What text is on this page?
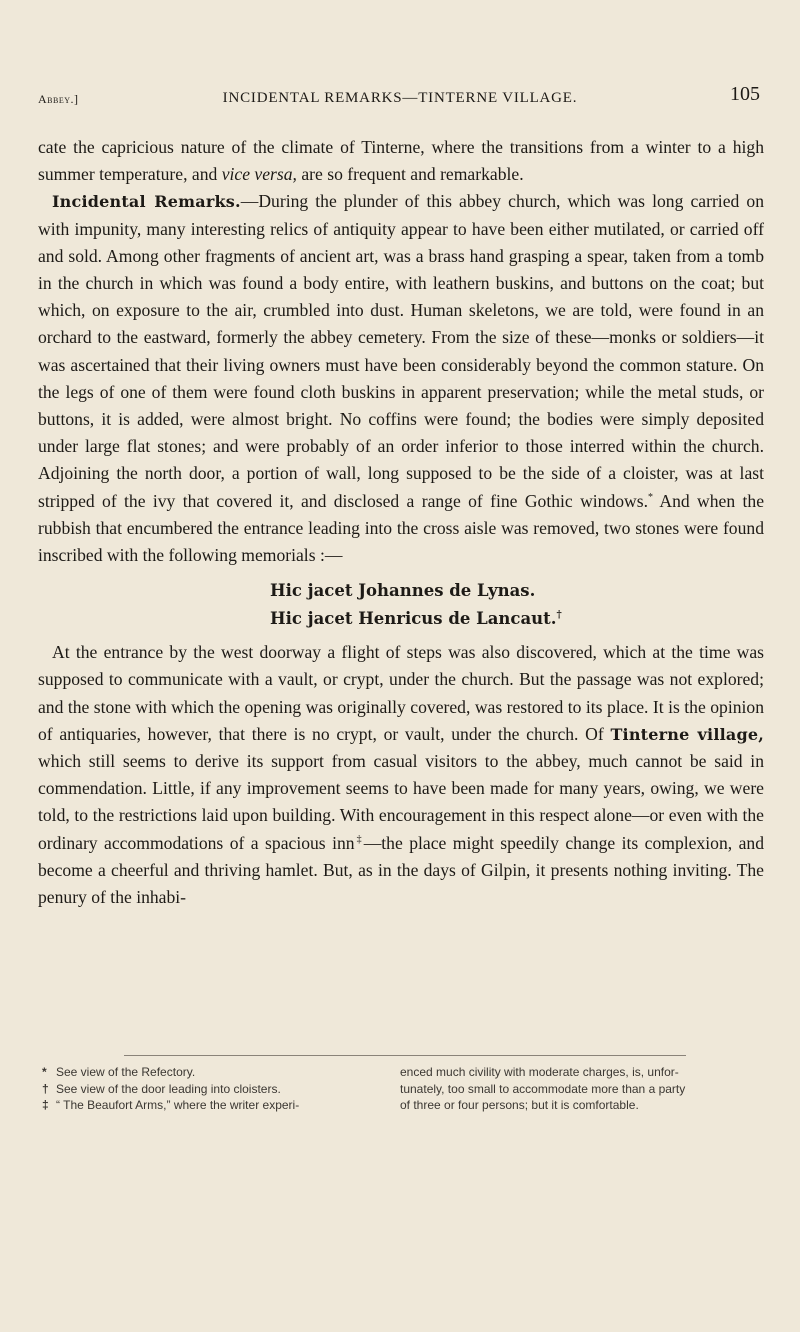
Abbey.]	INCIDENTAL REMARKS—TINTERNE VILLAGE.	105

cate the capricious nature of the climate of Tinterne, where the transitions from a winter to a high summer temperature, and vice versa, are so frequent and remarkable.

Incidental Remarks.—During the plunder of this abbey church, which was long carried on with impunity, many interesting relics of antiquity appear to have been either mutilated, or carried off and sold. Among other fragments of ancient art, was a brass hand grasping a spear, taken from a tomb in the church in which was found a body entire, with leathern buskins, and buttons on the coat; but which, on exposure to the air, crumbled into dust. Human skeletons, we are told, were found in an orchard to the eastward, formerly the abbey cemetery. From the size of these—monks or soldiers—it was ascertained that their living owners must have been considerably beyond the common stature. On the legs of one of them were found cloth buskins in apparent preservation; while the metal studs, or buttons, it is added, were almost bright. No coffins were found; the bodies were simply deposited under large flat stones; and were probably of an order inferior to those interred within the church. Adjoining the north door, a portion of wall, long supposed to be the side of a cloister, was at last stripped of the ivy that covered it, and disclosed a range of fine Gothic windows.* And when the rubbish that encumbered the entrance leading into the cross aisle was removed, two stones were found inscribed with the following memorials :—

Hic jacet Johannes de Lynas.
Hic jacet Henricus de Lancaut.†

At the entrance by the west doorway a flight of steps was also discovered, which at the time was supposed to communicate with a vault, or crypt, under the church. But the passage was not explored; and the stone with which the opening was originally covered, was restored to its place. It is the opinion of antiquaries, however, that there is no crypt, or vault, under the church. Of Tinterne village, which still seems to derive its support from casual visitors to the abbey, much cannot be said in commendation. Little, if any improvement seems to have been made for many years, owing, we were told, to the restrictions laid upon building. With encouragement in this respect alone—or even with the ordinary accommodations of a spacious inn‡—the place might speedily change its complexion, and become a cheerful and thriving hamlet. But, as in the days of Gilpin, it presents nothing inviting. The penury of the inhabi-

* See view of the Refectory.
† See view of the door leading into cloisters.
‡ “ The Beaufort Arms,” where the writer experi-
enced much civility with moderate charges, is, unfor-
tunately, too small to accommodate more than a party
of three or four persons; but it is comfortable.
